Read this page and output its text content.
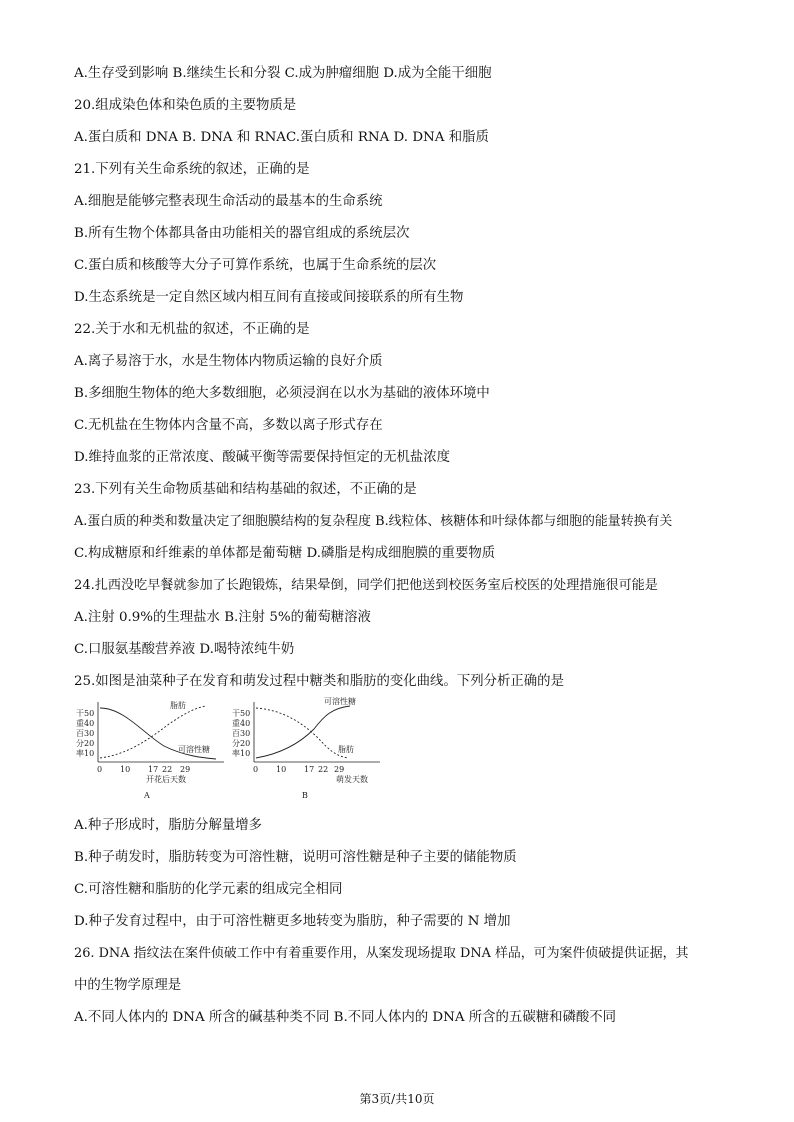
A.生存受到影响 B.继续生长和分裂 C.成为肿瘤细胞 D.成为全能干细胞
20.组成染色体和染色质的主要物质是
A.蛋白质和 DNA B. DNA 和 RNAC.蛋白质和 RNA D. DNA 和脂质
21.下列有关生命系统的叙述，正确的是
A.细胞是能够完整表现生命活动的最基本的生命系统
B.所有生物个体都具备由功能相关的器官组成的系统层次
C.蛋白质和核酸等大分子可算作系统，也属于生命系统的层次
D.生态系统是一定自然区域内相互间有直接或间接联系的所有生物
22.关于水和无机盐的叙述，不正确的是
A.离子易溶于水，水是生物体内物质运输的良好介质
B.多细胞生物体的绝大多数细胞，必须浸润在以水为基础的液体环境中
C.无机盐在生物体内含量不高，多数以离子形式存在
D.维持血浆的正常浓度、酸碱平衡等需要保持恒定的无机盐浓度
23.下列有关生命物质基础和结构基础的叙述，不正确的是
A.蛋白质的种类和数量决定了细胞膜结构的复杂程度 B.线粒体、核糖体和叶绿体都与细胞的能量转换有关
C.构成糖原和纤维素的单体都是葡萄糖 D.磷脂是构成细胞膜的重要物质
24.扎西没吃早餐就参加了长跑锻炼，结果晕倒，同学们把他送到校医务室后校医的处理措施很可能是
A.注射 0.9%的生理盐水 B.注射 5%的葡萄糖溶液
C.口服氨基酸营养液 D.喝特浓纯牛奶
25.如图是油菜种子在发育和萌发过程中糖类和脂肪的变化曲线。下列分析正确的是
干
重
百
分
率
50
40
30
20
10
脂肪
可溶性糖
0 10 17 22 29
开花后天数
A
干
重
百
分
率
50
40
30
20
10
可溶性糖
脂肪
0 10 17 22 29
萌发天数
B
A.种子形成时，脂肪分解量增多
B.种子萌发时，脂肪转变为可溶性糖，说明可溶性糖是种子主要的储能物质
C.可溶性糖和脂肪的化学元素的组成完全相同
D.种子发育过程中，由于可溶性糖更多地转变为脂肪，种子需要的 N 增加
26. DNA 指纹法在案件侦破工作中有着重要作用，从案发现场提取 DNA 样品，可为案件侦破提供证据，其
中的生物学原理是
A.不同人体内的 DNA 所含的碱基种类不同 B.不同人体内的 DNA 所含的五碳糖和磷酸不同
第3页/共10页
